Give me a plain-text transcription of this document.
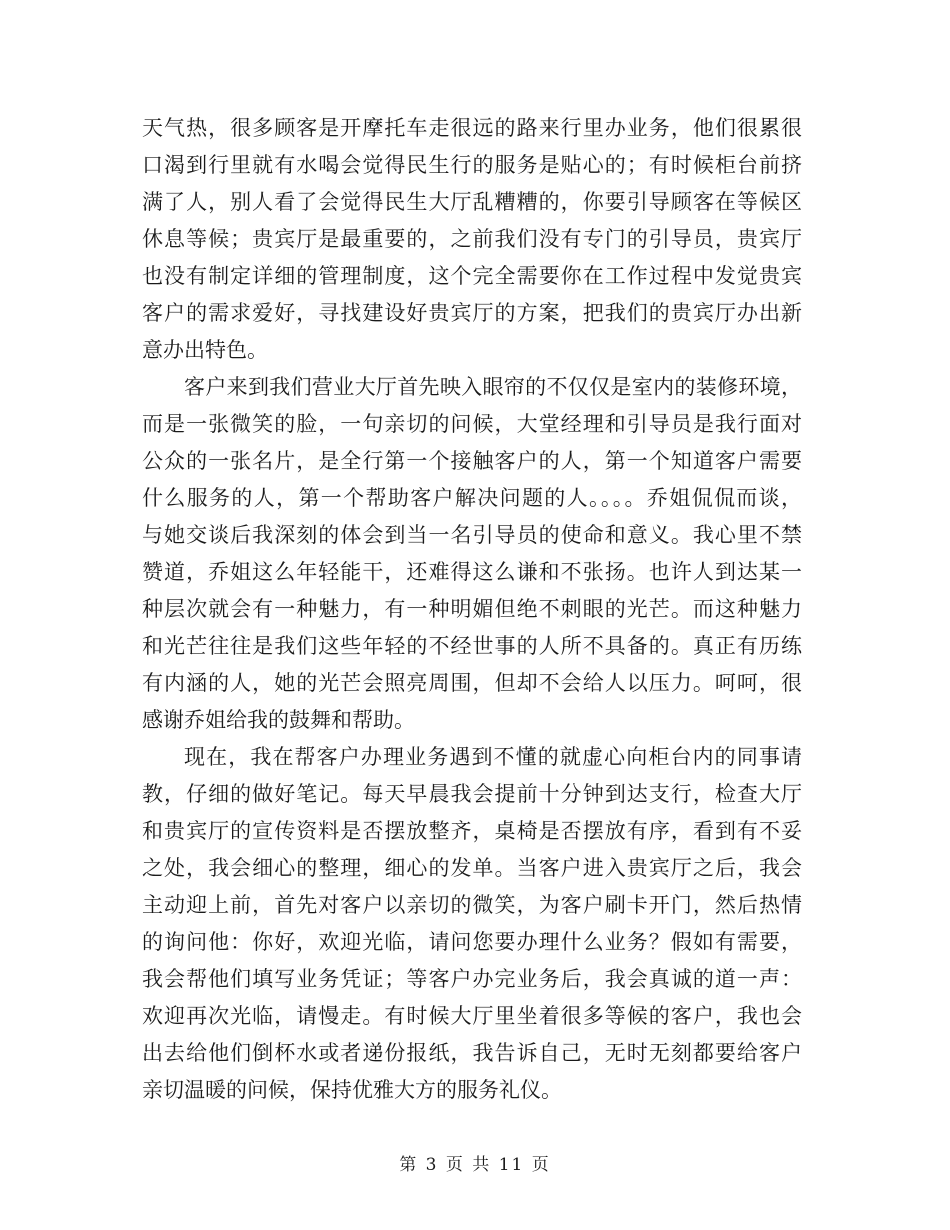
天气热，很多顾客是开摩托车走很远的路来行里办业务，他们很累很
口渴到行里就有水喝会觉得民生行的服务是贴心的；有时候柜台前挤
满了人，别人看了会觉得民生大厅乱糟糟的，你要引导顾客在等候区
休息等候；贵宾厅是最重要的，之前我们没有专门的引导员，贵宾厅
也没有制定详细的管理制度，这个完全需要你在工作过程中发觉贵宾
客户的需求爱好，寻找建设好贵宾厅的方案，把我们的贵宾厅办出新
意办出特色。
客户来到我们营业大厅首先映入眼帘的不仅仅是室内的装修环境，
而是一张微笑的脸，一句亲切的问候，大堂经理和引导员是我行面对
公众的一张名片，是全行第一个接触客户的人，第一个知道客户需要
什么服务的人，第一个帮助客户解决问题的人。。。。乔姐侃侃而谈，
与她交谈后我深刻的体会到当一名引导员的使命和意义。我心里不禁
赞道，乔姐这么年轻能干，还难得这么谦和不张扬。也许人到达某一
种层次就会有一种魅力，有一种明媚但绝不刺眼的光芒。而这种魅力
和光芒往往是我们这些年轻的不经世事的人所不具备的。真正有历练
有内涵的人，她的光芒会照亮周围，但却不会给人以压力。呵呵，很
感谢乔姐给我的鼓舞和帮助。
现在，我在帮客户办理业务遇到不懂的就虚心向柜台内的同事请
教，仔细的做好笔记。每天早晨我会提前十分钟到达支行，检查大厅
和贵宾厅的宣传资料是否摆放整齐，桌椅是否摆放有序，看到有不妥
之处，我会细心的整理，细心的发单。当客户进入贵宾厅之后，我会
主动迎上前，首先对客户以亲切的微笑，为客户刷卡开门，然后热情
的询问他：你好，欢迎光临，请问您要办理什么业务？假如有需要，
我会帮他们填写业务凭证；等客户办完业务后，我会真诚的道一声：
欢迎再次光临，请慢走。有时候大厅里坐着很多等候的客户，我也会
出去给他们倒杯水或者递份报纸，我告诉自己，无时无刻都要给客户
亲切温暖的问候，保持优雅大方的服务礼仪。
第 3 页 共 11 页
